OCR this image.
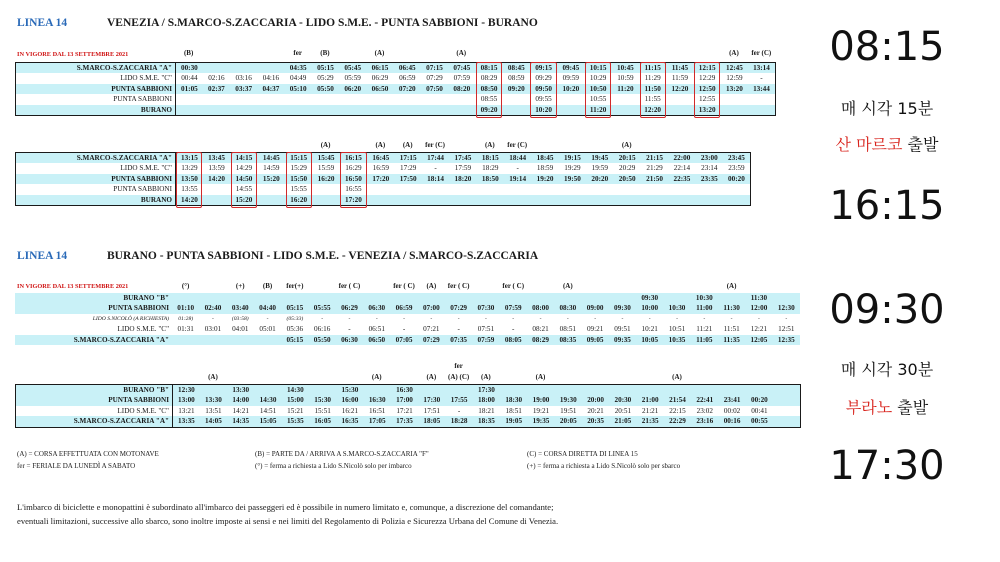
LINEA 14	VENEZIA / S.MARCO-S.ZACCARIA - LIDO S.M.E. - PUNTA SABBIONI - BURANO
IN VIGORE DAL 13 SETTEMBRE 2021	(B)				fer	(B)		(A)			(A)										(A)	fer (C)
S.MARCO-S.ZACCARIA "A"	00:30				04:35	05:15	05:45	06:15	06:45	07:15	07:45	08:15	08:45	09:15	09:45	10:15	10:45	11:15	11:45	12:15	12:45	13:14
LIDO S.M.E. "C"	00:44	02:16	03:16	04:16	04:49	05:29	05:59	06:29	06:59	07:29	07:59	08:29	08:59	09:29	09:59	10:29	10:59	11:29	11:59	12:29	12:59	-
PUNTA SABBIONI	01:05	02:37	03:37	04:37	05:10	05:50	06:20	06:50	07:20	07:50	08:20	08:50	09:20	09:50	10:20	10:50	11:20	11:50	12:20	12:50	13:20	13:44
PUNTA SABBIONI												08:55		09:55		10:55		11:55		12:55		
BURANO												09:20		10:20		11:20		12:20		13:20		
					(A)		(A)	(A)	fer (C)		(A)	fer (C)				(A)				
S.MARCO-S.ZACCARIA "A"	13:15	13:45	14:15	14:45	15:15	15:45	16:15	16:45	17:15	17:44	17:45	18:15	18:44	18:45	19:15	19:45	20:15	21:15	22:00	23:00	23:45
LIDO S.M.E. "C"	13:29	13:59	14:29	14:59	15:29	15:59	16:29	16:59	17:29	-	17:59	18:29	-	18:59	19:29	19:59	20:29	21:29	22:14	23:14	23:59
PUNTA SABBIONI	13:50	14:20	14:50	15:20	15:50	16:20	16:50	17:20	17:50	18:14	18:20	18:50	19:14	19:20	19:50	20:20	20:50	21:50	22:35	23:35	00:20
PUNTA SABBIONI	13:55		14:55		15:55		16:55														
BURANO	14:20		15:20		16:20		17:20														
LINEA 14	BURANO - PUNTA SABBIONI - LIDO S.M.E. - VENEZIA / S.MARCO-S.ZACCARIA
IN VIGORE DAL 13 SETTEMBRE 2021	(°)		(+)	(B)	fer(+)		fer ( C)		fer ( C)	(A)	fer ( C)		fer ( C)		(A)						(A)		
BURANO "B"																		09:30		10:30		11:30	
PUNTA SABBIONI	01:10	02:40	03:40	04:40	05:15	05:55	06:29	06:30	06:59	07:00	07:29	07:30	07:59	08:00	08:30	09:00	09:30	10:00	10:30	11:00	11:30	12:00	12:30
LIDO S.NICOLÒ (A RICHIESTA)	01:28)	-	(03:58)	-	(05:33)	-	-	-	-	-	-	-	-	-	-	-	-	-	-	-	-	-	-
LIDO S.M.E. "C"	01:31	03:01	04:01	05:01	05:36	06:16	-	06:51	-	07:21	-	07:51	-	08:21	08:51	09:21	09:51	10:21	10:51	11:21	11:51	12:21	12:51
S.MARCO-S.ZACCARIA "A"					05:15	05:50	06:30	06:50	07:05	07:29	07:35	07:59	08:05	08:29	08:35	09:05	09:35	10:05	10:35	11:05	11:35	12:05	12:35
										fer												
	(A)						(A)		(A)	(A) (C)	(A)		(A)					(A)				
BURANO "B"	12:30		13:30		14:30		15:30		16:30			17:30											
PUNTA SABBIONI	13:00	13:30	14:00	14:30	15:00	15:30	16:00	16:30	17:00	17:30	17:55	18:00	18:30	19:00	19:30	20:00	20:30	21:00	21:54	22:41	23:41	00:20	
LIDO S.M.E. "C"	13:21	13:51	14:21	14:51	15:21	15:51	16:21	16:51	17:21	17:51	-	18:21	18:51	19:21	19:51	20:21	20:51	21:21	22:15	23:02	00:02	00:41	
S.MARCO-S.ZACCARIA "A"	13:35	14:05	14:35	15:05	15:35	16:05	16:35	17:05	17:35	18:05	18:28	18:35	19:05	19:35	20:05	20:35	21:05	21:35	22:29	23:16	00:16	00:55	
(A) = CORSA EFFETTUATA CON MOTONAVE
fer = FERIALE DA LUNEDÌ A SABATO
(B) = PARTE DA / ARRIVA A S.MARCO-S.ZACCARIA "F"
(°) = ferma a richiesta a Lido S.Nicolò solo per imbarco
(C) = CORSA DIRETTA DI LINEA 15
(+) = ferma a richiesta a Lido S.Nicolò solo per sbarco
L'imbarco di biciclette e monopattini è subordinato all'imbarco dei passeggeri ed è possibile in numero limitato e, comunque, a discrezione del comandante;
eventuali limitazioni, successive allo sbarco, sono inoltre imposte ai sensi e nei limiti del Regolamento di Polizia e Sicurezza Urbana del Comune di Venezia.
08:15
매 시각 15분
산 마르코 출발
16:15
09:30
매 시각 30분
부라노 출발
17:30
